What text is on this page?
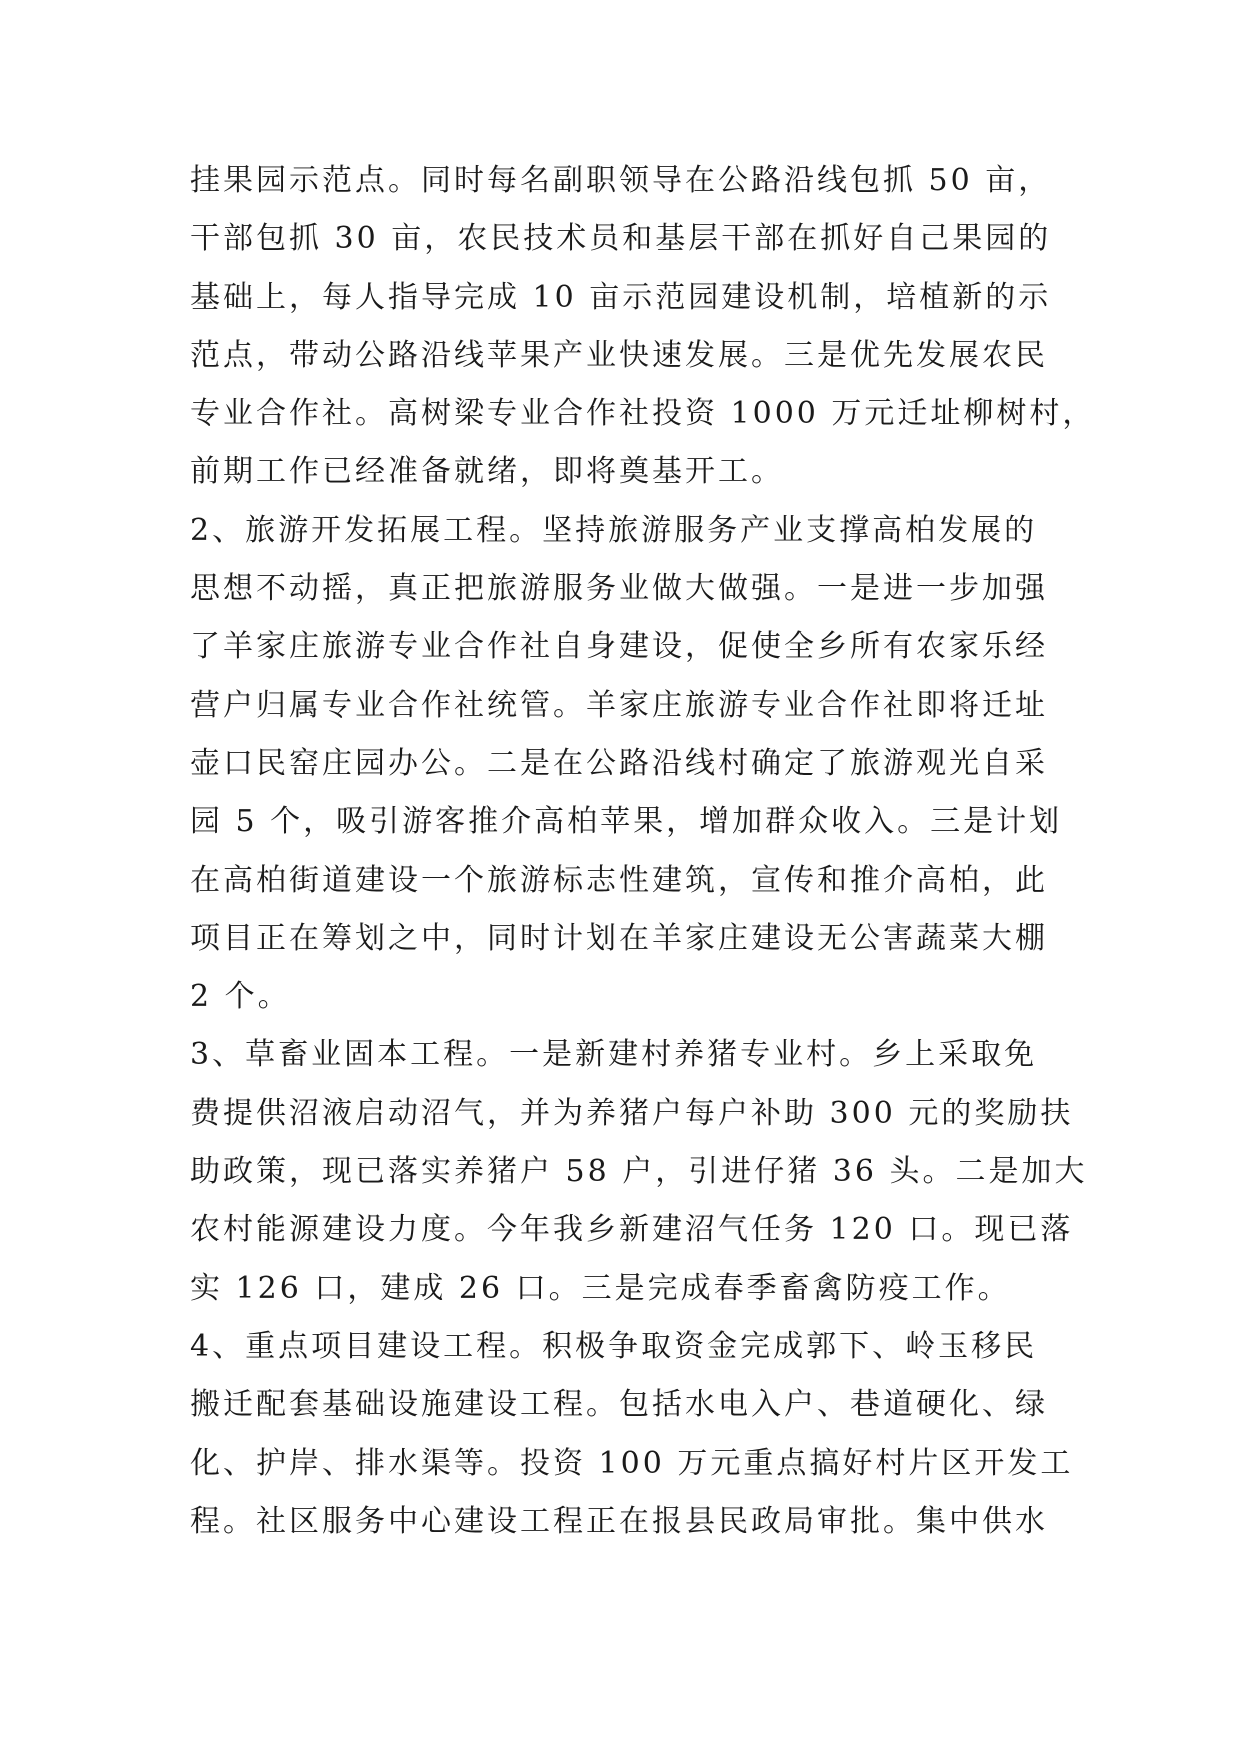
挂果园示范点。同时每名副职领导在公路沿线包抓 50 亩，

干部包抓 30 亩，农民技术员和基层干部在抓好自己果园的

基础上，每人指导完成 10 亩示范园建设机制，培植新的示

范点，带动公路沿线苹果产业快速发展。三是优先发展农民

专业合作社。高树梁专业合作社投资 1000 万元迁址柳树村，

前期工作已经准备就绪，即将奠基开工。

2、旅游开发拓展工程。坚持旅游服务产业支撑高柏发展的

思想不动摇，真正把旅游服务业做大做强。一是进一步加强

了羊家庄旅游专业合作社自身建设，促使全乡所有农家乐经

营户归属专业合作社统管。羊家庄旅游专业合作社即将迁址

壶口民窑庄园办公。二是在公路沿线村确定了旅游观光自采

园 5 个，吸引游客推介高柏苹果，增加群众收入。三是计划

在高柏街道建设一个旅游标志性建筑，宣传和推介高柏，此

项目正在筹划之中，同时计划在羊家庄建设无公害蔬菜大棚

2 个。

3、草畜业固本工程。一是新建村养猪专业村。乡上采取免

费提供沼液启动沼气，并为养猪户每户补助 300 元的奖励扶

助政策，现已落实养猪户 58 户，引进仔猪 36 头。二是加大

农村能源建设力度。今年我乡新建沼气任务 120 口。现已落

实 126 口，建成 26 口。三是完成春季畜禽防疫工作。

4、重点项目建设工程。积极争取资金完成郭下、岭玉移民

搬迁配套基础设施建设工程。包括水电入户、巷道硬化、绿

化、护岸、排水渠等。投资 100 万元重点搞好村片区开发工

程。社区服务中心建设工程正在报县民政局审批。集中供水
